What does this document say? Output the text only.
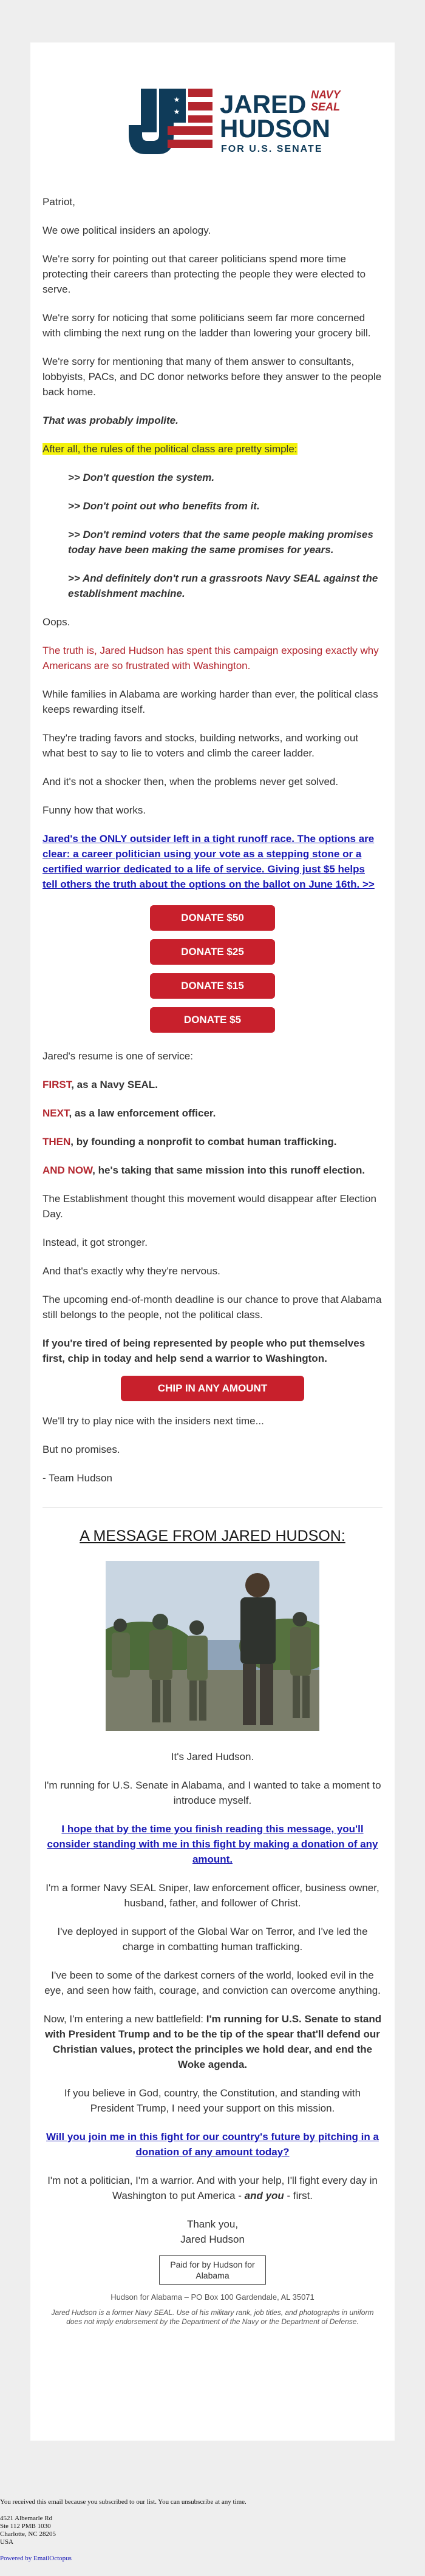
★
★ JARED NAVY
SEAL
HUDSON
FOR U.S. SENATE

Patriot,

We owe political insiders an apology.

We're sorry for pointing out that career politicians spend more time protecting their careers than protecting the people they were elected to serve.

We're sorry for noticing that some politicians seem far more concerned with climbing the next rung on the ladder than lowering your grocery bill.

We're sorry for mentioning that many of them answer to consultants, lobbyists, PACs, and DC donor networks before they answer to the people back home.

That was probably impolite.

After all, the rules of the political class are pretty simple:

>> Don't question the system.

>> Don't point out who benefits from it.

>> Don't remind voters that the same people making promises today have been making the same promises for years.

>> And definitely don't run a grassroots Navy SEAL against the establishment machine.

Oops.

The truth is, Jared Hudson has spent this campaign exposing exactly why Americans are so frustrated with Washington.

While families in Alabama are working harder than ever, the political class keeps rewarding itself.

They're trading favors and stocks, building networks, and working out what best to say to lie to voters and climb the career ladder.

And it's not a shocker then, when the problems never get solved.

Funny how that works.

Jared's the ONLY outsider left in a tight runoff race. The options are clear: a career politician using your vote as a stepping stone or a certified warrior dedicated to a life of service. Giving just $5 helps tell others the truth about the options on the ballot on June 16th. >>

DONATE $50
DONATE $25
DONATE $15
DONATE $5

Jared's resume is one of service:

FIRST, as a Navy SEAL.

NEXT, as a law enforcement officer.

THEN, by founding a nonprofit to combat human trafficking.

AND NOW, he's taking that same mission into this runoff election.

The Establishment thought this movement would disappear after Election Day.

Instead, it got stronger.

And that's exactly why they're nervous.

The upcoming end-of-month deadline is our chance to prove that Alabama still belongs to the people, not the political class.

If you're tired of being represented by people who put themselves first, chip in today and help send a warrior to Washington.

CHIP IN ANY AMOUNT

We'll try to play nice with the insiders next time...

But no promises.

- Team Hudson

A MESSAGE FROM JARED HUDSON:

It's Jared Hudson.

I'm running for U.S. Senate in Alabama, and I wanted to take a moment to introduce myself.

I hope that by the time you finish reading this message, you'll consider standing with me in this fight by making a donation of any amount.

I'm a former Navy SEAL Sniper, law enforcement officer, business owner, husband, father, and follower of Christ.

I've deployed in support of the Global War on Terror, and I've led the charge in combatting human trafficking.

I've been to some of the darkest corners of the world, looked evil in the eye, and seen how faith, courage, and conviction can overcome anything.

Now, I'm entering a new battlefield: I'm running for U.S. Senate to stand with President Trump and to be the tip of the spear that'll defend our Christian values, protect the principles we hold dear, and end the Woke agenda.

If you believe in God, country, the Constitution, and standing with President Trump, I need your support on this mission.

Will you join me in this fight for our country's future by pitching in a donation of any amount today?

I'm not a politician, I'm a warrior. And with your help, I'll fight every day in Washington to put America - and you - first.

Thank you,
Jared Hudson

Paid for by Hudson for Alabama

Hudson for Alabama – PO Box 100 Gardendale, AL 35071

Jared Hudson is a former Navy SEAL. Use of his military rank, job titles, and photographs in uniform does not imply endorsement by the Department of the Navy or the Department of Defense.

You received this email because you subscribed to our list. You can unsubscribe at any time.
4521 Albemarle Rd
Ste 112 PMB 1030
Charlotte, NC 28205
USA
Powered by EmailOctopus
